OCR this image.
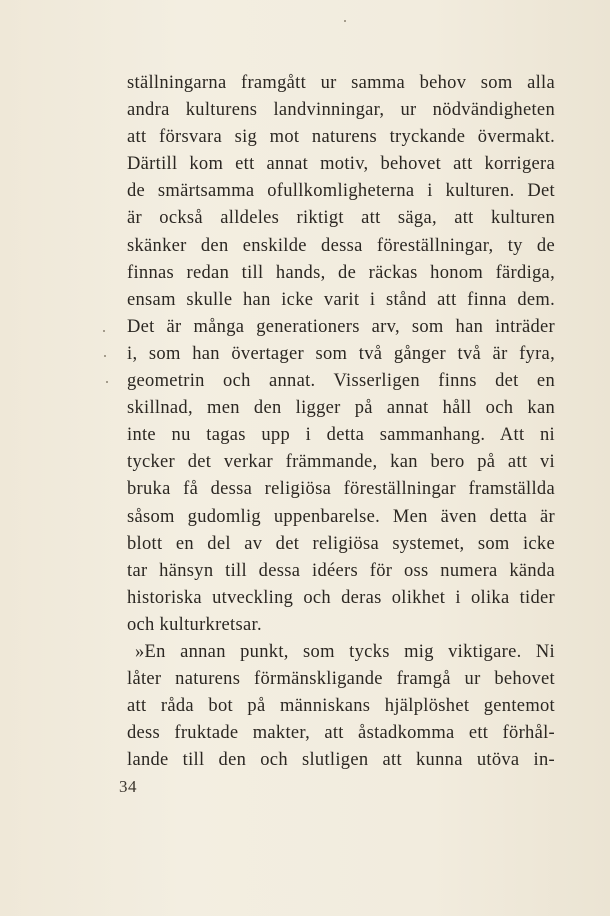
ställningarna framgått ur samma behov som alla
andra kulturens landvinningar, ur nödvändigheten
att försvara sig mot naturens tryckande övermakt.
Därtill kom ett annat motiv, behovet att korrigera
de smärtsamma ofullkomligheterna i kulturen. Det
är också alldeles riktigt att säga, att kulturen
skänker den enskilde dessa föreställningar, ty de
finnas redan till hands, de räckas honom färdiga,
ensam skulle han icke varit i stånd att finna dem.
Det är många generationers arv, som han inträder
i, som han övertager som två gånger två är fyra,
geometrin och annat. Visserligen finns det en
skillnad, men den ligger på annat håll och kan
inte nu tagas upp i detta sammanhang. Att ni
tycker det verkar främmande, kan bero på att vi
bruka få dessa religiösa föreställningar framställda
såsom gudomlig uppenbarelse. Men även detta är
blott en del av det religiösa systemet, som icke
tar hänsyn till dessa idéers för oss numera kända
historiska utveckling och deras olikhet i olika tider
och kulturkretsar.
»En annan punkt, som tycks mig viktigare. Ni
låter naturens förmänskligande framgå ur behovet
att råda bot på människans hjälplöshet gentemot
dess fruktade makter, att åstadkomma ett förhål-
lande till den och slutligen att kunna utöva in-
34
